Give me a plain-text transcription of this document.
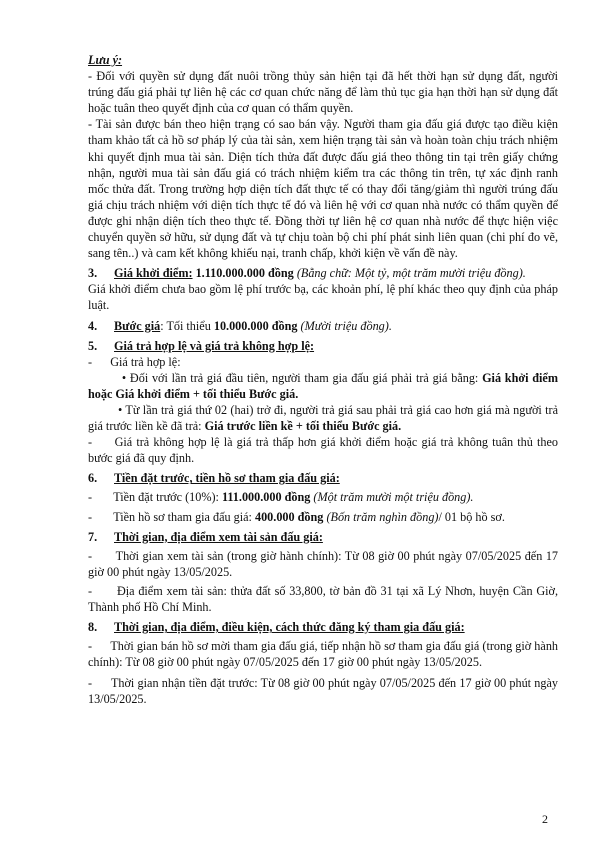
Lưu ý:

- Đối với quyền sử dụng đất nuôi trồng thủy sản hiện tại đã hết thời hạn sử dụng đất, người trúng đấu giá phải tự liên hệ các cơ quan chức năng để làm thủ tục gia hạn thời hạn sử dụng đất hoặc tuân theo quyết định của cơ quan có thẩm quyền.

- Tài sản được bán theo hiện trạng có sao bán vậy. Người tham gia đấu giá được tạo điều kiện tham khảo tất cả hồ sơ pháp lý của tài sản, xem hiện trạng tài sản và hoàn toàn chịu trách nhiệm khi quyết định mua tài sản. Diện tích thửa đất được đấu giá theo thông tin tại trên giấy chứng nhận, người mua tài sản đấu giá có trách nhiệm kiểm tra các thông tin trên, tự xác định ranh mốc thửa đất. Trong trường hợp diện tích đất thực tế có thay đổi tăng/giảm thì người trúng đấu giá chịu trách nhiệm với diện tích thực tế đó và liên hệ với cơ quan nhà nước có thẩm quyền để được ghi nhận diện tích theo thực tế. Đồng thời tự liên hệ cơ quan nhà nước để thực hiện việc chuyển quyền sở hữu, sử dụng đất và tự chịu toàn bộ chi phí phát sinh liên quan (chi phí đo vẽ, sang tên..) và cam kết không khiếu nại, tranh chấp, khởi kiện về vấn đề này.

3.	Giá khởi điểm: 1.110.000.000 đồng (Bằng chữ: Một tỷ, một trăm mười triệu đồng).

Giá khởi điểm chưa bao gồm lệ phí trước bạ, các khoản phí, lệ phí khác theo quy định của pháp luật.

4.	Bước giá: Tối thiểu 10.000.000 đồng (Mười triệu đồng).
5.	Giá trả hợp lệ và giá trả không hợp lệ:

- Giá trả hợp lệ:

• Đối với lần trả giá đầu tiên, người tham gia đấu giá phải trả giá bằng: Giá khởi điểm hoặc Giá khởi điểm + tối thiểu Bước giá.

• Từ lần trả giá thứ 02 (hai) trở đi, người trả giá sau phải trả giá cao hơn giá mà người trả giá trước liền kề đã trả: Giá trước liền kề + tối thiểu Bước giá.

- Giá trả không hợp lệ là giá trả thấp hơn giá khởi điểm hoặc giá trả không tuân thủ theo bước giá đã quy định.

6.	Tiền đặt trước, tiền hồ sơ tham gia đấu giá:

- Tiền đặt trước (10%): 111.000.000 đồng (Một trăm mười một triệu đồng).

- Tiền hồ sơ tham gia đấu giá: 400.000 đồng (Bốn trăm nghìn đồng)/ 01 bộ hồ sơ.

7.	Thời gian, địa điểm xem tài sản đấu giá:

- Thời gian xem tài sản (trong giờ hành chính): Từ 08 giờ 00 phút ngày 07/05/2025 đến 17 giờ 00 phút ngày 13/05/2025.

- Địa điểm xem tài sản: thửa đất số 33,800, tờ bản đồ 31 tại xã Lý Nhơn, huyện Cần Giờ, Thành phố Hồ Chí Minh.

8.	Thời gian, địa điểm, điều kiện, cách thức đăng ký tham gia đấu giá:

- Thời gian bán hồ sơ mời tham gia đấu giá, tiếp nhận hồ sơ tham gia đấu giá (trong giờ hành chính): Từ 08 giờ 00 phút ngày 07/05/2025 đến 17 giờ 00 phút ngày 13/05/2025.

- Thời gian nhận tiền đặt trước: Từ 08 giờ 00 phút ngày 07/05/2025 đến 17 giờ 00 phút ngày 13/05/2025.

2
